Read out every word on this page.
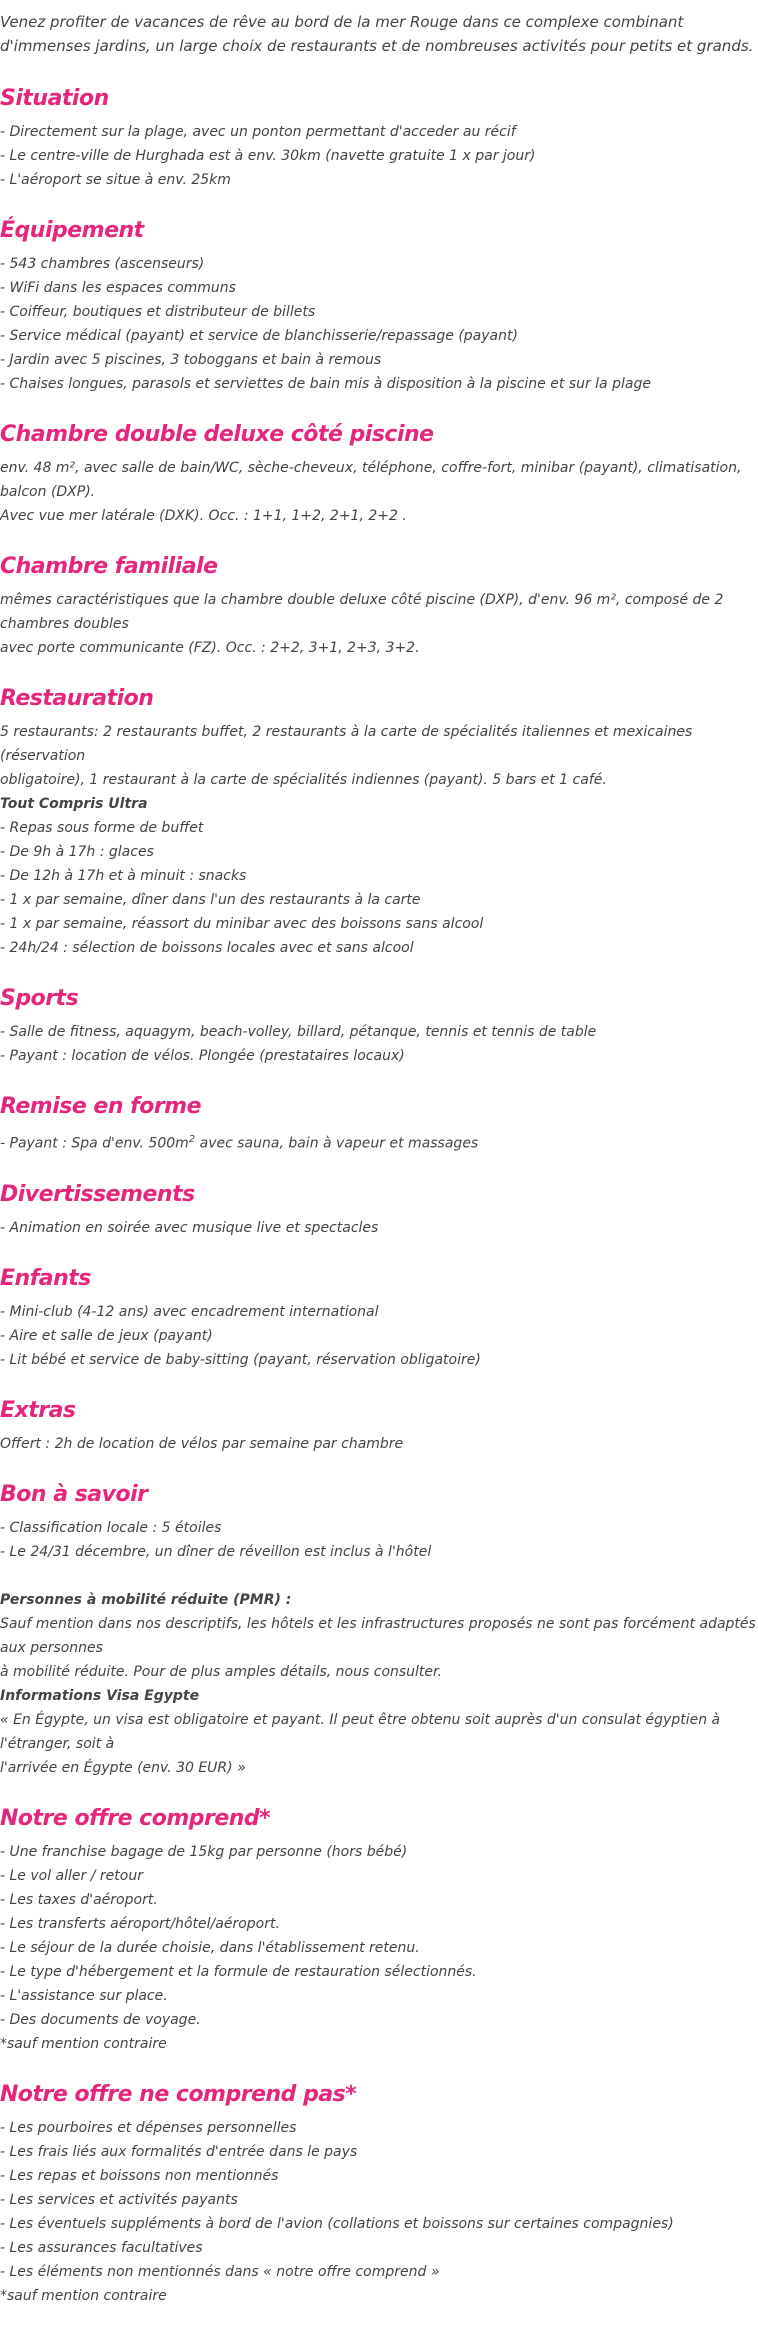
Venez profiter de vacances de rêve au bord de la mer Rouge dans ce complexe combinant d'immenses jardins, un large choix de restaurants et de nombreuses activités pour petits et grands.

Situation
- Directement sur la plage, avec un ponton permettant d'acceder au récif
- Le centre-ville de Hurghada est à env. 30km (navette gratuite 1 x par jour)
- L'aéroport se situe à env. 25km
Équipement
- 543 chambres (ascenseurs)
- WiFi dans les espaces communs
- Coiffeur, boutiques et distributeur de billets
- Service médical (payant) et service de blanchisserie/repassage (payant)
- Jardin avec 5 piscines, 3 toboggans et bain à remous
- Chaises longues, parasols et serviettes de bain mis à disposition à la piscine et sur la plage
Chambre double deluxe côté piscine
env. 48 m², avec salle de bain/WC, sèche-cheveux, téléphone, coffre-fort, minibar (payant), climatisation, balcon (DXP).
Avec vue mer latérale (DXK). Occ. : 1+1, 1+2, 2+1, 2+2 .
Chambre familiale
mêmes caractéristiques que la chambre double deluxe côté piscine (DXP), d'env. 96 m², composé de 2 chambres doubles
avec porte communicante (FZ). Occ. : 2+2, 3+1, 2+3, 3+2.
Restauration
5 restaurants: 2 restaurants buffet, 2 restaurants à la carte de spécialités italiennes et mexicaines (réservation
obligatoire), 1 restaurant à la carte de spécialités indiennes (payant). 5 bars et 1 café.
Tout Compris Ultra
- Repas sous forme de buffet
- De 9h à 17h : glaces
- De 12h à 17h et à minuit : snacks
- 1 x par semaine, dîner dans l'un des restaurants à la carte
- 1 x par semaine, réassort du minibar avec des boissons sans alcool
- 24h/24 : sélection de boissons locales avec et sans alcool
Sports
- Salle de fitness, aquagym, beach-volley, billard, pétanque, tennis et tennis de table
- Payant : location de vélos. Plongée (prestataires locaux)
Remise en forme
- Payant : Spa d'env. $500m^2$ avec sauna, bain à vapeur et massages
Divertissements
- Animation en soirée avec musique live et spectacles
Enfants
- Mini-club (4-12 ans) avec encadrement international
- Aire et salle de jeux (payant)
- Lit bébé et service de baby-sitting (payant, réservation obligatoire)
Extras
Offert : 2h de location de vélos par semaine par chambre
Bon à savoir
- Classification locale : 5 étoiles
- Le 24/31 décembre, un dîner de réveillon est inclus à l'hôtel
Personnes à mobilité réduite (PMR) :
Sauf mention dans nos descriptifs, les hôtels et les infrastructures proposés ne sont pas forcément adaptés aux personnes
à mobilité réduite. Pour de plus amples détails, nous consulter.
Informations Visa Egypte
« En Égypte, un visa est obligatoire et payant. Il peut être obtenu soit auprès d'un consulat égyptien à l'étranger, soit à
l'arrivée en Égypte (env. 30 EUR) »
Notre offre comprend*
- Une franchise bagage de 15kg par personne (hors bébé)
- Le vol aller / retour
- Les taxes d'aéroport.
- Les transferts aéroport/hôtel/aéroport.
- Le séjour de la durée choisie, dans l'établissement retenu.
- Le type d'hébergement et la formule de restauration sélectionnés.
- L'assistance sur place.
- Des documents de voyage.
*sauf mention contraire
Notre offre ne comprend pas*
- Les pourboires et dépenses personnelles
- Les frais liés aux formalités d'entrée dans le pays
- Les repas et boissons non mentionnés
- Les services et activités payants
- Les éventuels suppléments à bord de l'avion (collations et boissons sur certaines compagnies)
- Les assurances facultatives
- Les éléments non mentionnés dans « notre offre comprend »
*sauf mention contraire
